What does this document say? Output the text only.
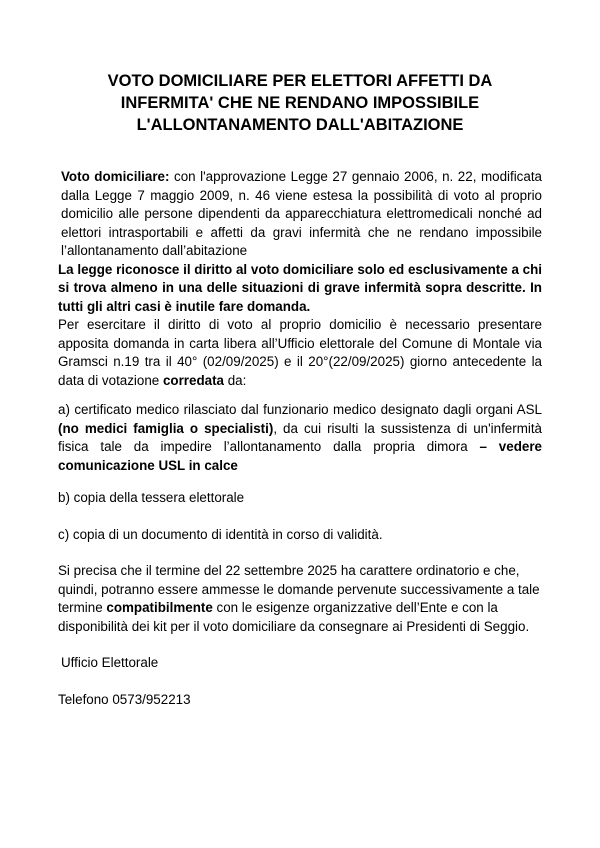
VOTO DOMICILIARE PER ELETTORI AFFETTI DA
INFERMITA' CHE NE RENDANO IMPOSSIBILE
L'ALLONTANAMENTO DALL'ABITAZIONE

Voto domiciliare: con l'approvazione Legge 27 gennaio 2006, n. 22, modificata dalla Legge 7 maggio 2009, n. 46 viene estesa la possibilità di voto al proprio domicilio alle persone dipendenti da apparecchiatura elettromedicali nonché ad elettori intrasportabili e affetti da gravi infermità che ne rendano impossibile l’allontanamento dall’abitazione

La legge riconosce il diritto al voto domiciliare solo ed esclusivamente a chi si trova almeno in una delle situazioni di grave infermità sopra descritte. In tutti gli altri casi è inutile fare domanda.

Per esercitare il diritto di voto al proprio domicilio è necessario presentare apposita domanda in carta libera all’Ufficio elettorale del Comune di Montale via Gramsci n.19 tra il 40° (02/09/2025) e il 20°(22/09/2025) giorno antecedente la data di votazione corredata da:

a) certificato medico rilasciato dal funzionario medico designato dagli organi ASL (no medici famiglia o specialisti), da cui risulti la sussistenza di un'infermità fisica tale da impedire l’allontanamento dalla propria dimora – vedere comunicazione USL in calce

b) copia della tessera elettorale

c) copia di un documento di identità in corso di validità.

Si precisa che il termine del 22 settembre 2025 ha carattere ordinatorio e che, quindi, potranno essere ammesse le domande pervenute successivamente a tale termine compatibilmente con le esigenze organizzative dell’Ente e con la disponibilità dei kit per il voto domiciliare da consegnare ai Presidenti di Seggio.

Ufficio Elettorale

Telefono 0573/952213
